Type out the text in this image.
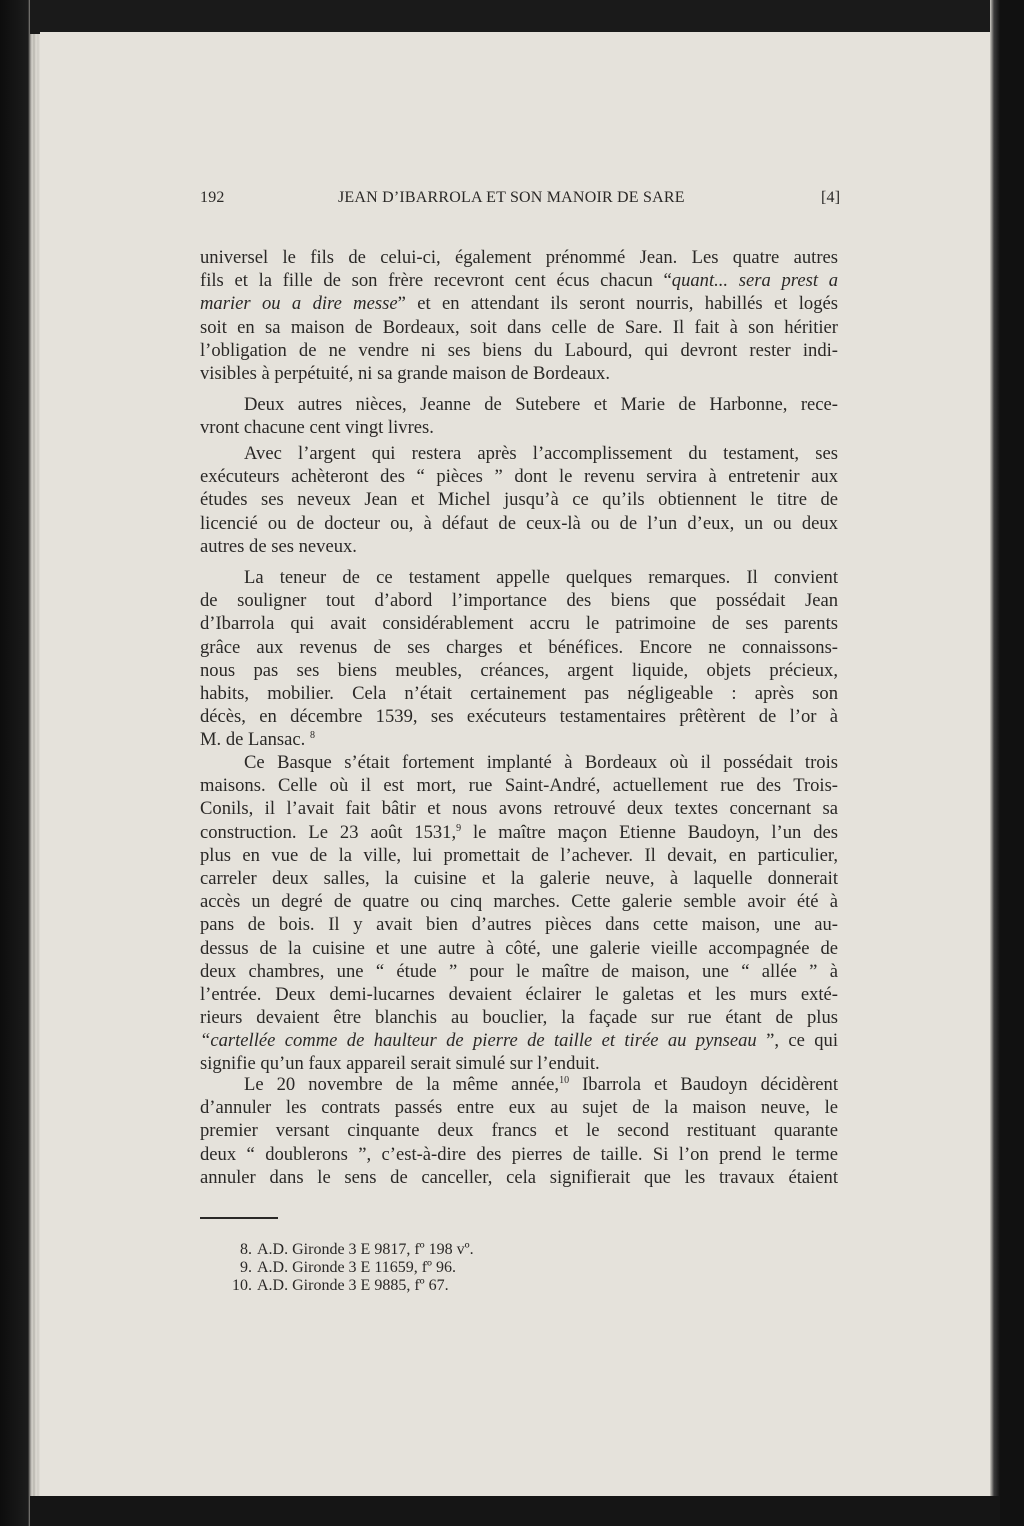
192	JEAN D’IBARROLA ET SON MANOIR DE SARE	[4]
universel le fils de celui-ci, également prénommé Jean. Les quatre autres
fils et la fille de son frère recevront cent écus chacun “quant... sera prest a
marier ou a dire messe” et en attendant ils seront nourris, habillés et logés
soit en sa maison de Bordeaux, soit dans celle de Sare. Il fait à son héritier
l’obligation de ne vendre ni ses biens du Labourd, qui devront rester indi-
visibles à perpétuité, ni sa grande maison de Bordeaux.
Deux autres nièces, Jeanne de Sutebere et Marie de Harbonne, rece-
vront chacune cent vingt livres.
Avec l’argent qui restera après l’accomplissement du testament, ses
exécuteurs achèteront des “ pièces ” dont le revenu servira à entretenir aux
études ses neveux Jean et Michel jusqu’à ce qu’ils obtiennent le titre de
licencié ou de docteur ou, à défaut de ceux-là ou de l’un d’eux, un ou deux
autres de ses neveux.
La teneur de ce testament appelle quelques remarques. Il convient
de souligner tout d’abord l’importance des biens que possédait Jean
d’Ibarrola qui avait considérablement accru le patrimoine de ses parents
grâce aux revenus de ses charges et bénéfices. Encore ne connaissons-
nous pas ses biens meubles, créances, argent liquide, objets précieux,
habits, mobilier. Cela n’était certainement pas négligeable : après son
décès, en décembre 1539, ses exécuteurs testamentaires prêtèrent de l’or à
M. de Lansac. $^8$
Ce Basque s’était fortement implanté à Bordeaux où il possédait trois
maisons. Celle où il est mort, rue Saint-André, actuellement rue des Trois-
Conils, il l’avait fait bâtir et nous avons retrouvé deux textes concernant sa
construction. Le 23 août 1531,$^9$ le maître maçon Etienne Baudoyn, l’un des
plus en vue de la ville, lui promettait de l’achever. Il devait, en particulier,
carreler deux salles, la cuisine et la galerie neuve, à laquelle donnerait
accès un degré de quatre ou cinq marches. Cette galerie semble avoir été à
pans de bois. Il y avait bien d’autres pièces dans cette maison, une au-
dessus de la cuisine et une autre à côté, une galerie vieille accompagnée de
deux chambres, une “ étude ” pour le maître de maison, une “ allée ” à
l’entrée. Deux demi-lucarnes devaient éclairer le galetas et les murs exté-
rieurs devaient être blanchis au bouclier, la façade sur rue étant de plus
“cartellée comme de haulteur de pierre de taille et tirée au pynseau ”, ce qui
signifie qu’un faux appareil serait simulé sur l’enduit.
Le 20 novembre de la même année,$^{10}$ Ibarrola et Baudoyn décidèrent
d’annuler les contrats passés entre eux au sujet de la maison neuve, le
premier versant cinquante deux francs et le second restituant quarante
deux “ doublerons ”, c’est-à-dire des pierres de taille. Si l’on prend le terme
annuler dans le sens de canceller, cela signifierait que les travaux étaient
8. A.D. Gironde 3 E 9817, fº 198 vº.
9. A.D. Gironde 3 E 11659, fº 96.
10. A.D. Gironde 3 E 9885, fº 67.
